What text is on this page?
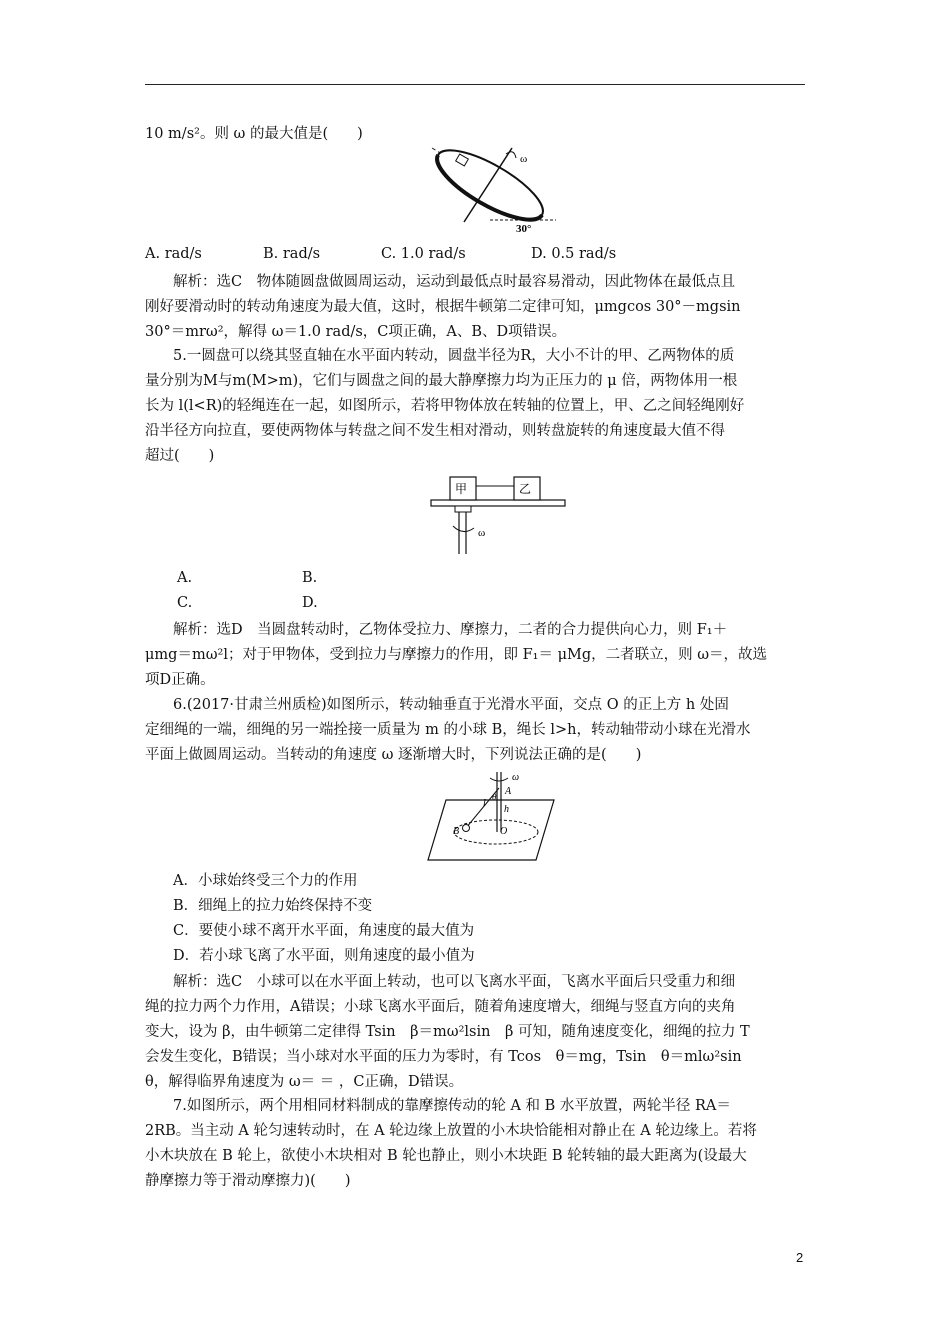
10 m/s²。则 ω 的最大值是(　　)
ω
30°
A. rad/s	B. rad/s	C. 1.0 rad/s	D. 0.5 rad/s
解析：选C　物体随圆盘做圆周运动，运动到最低点时最容易滑动，因此物体在最低点且
刚好要滑动时的转动角速度为最大值，这时，根据牛顿第二定律可知，μmgcos 30°－mgsin
30°＝mrω²，解得 ω＝1.0 rad/s，C项正确，A、B、D项错误。
5.一圆盘可以绕其竖直轴在水平面内转动，圆盘半径为R，大小不计的甲、乙两物体的质
量分别为M与m(M>m)，它们与圆盘之间的最大静摩擦力均为正压力的 μ 倍，两物体用一根
长为 l(l<R)的轻绳连在一起，如图所示，若将甲物体放在转轴的位置上，甲、乙之间轻绳刚好
沿半径方向拉直，要使两物体与转盘之间不发生相对滑动，则转盘旋转的角速度最大值不得
超过(　　)
甲	乙
ω
A.	B.
C.	D.
解析：选D　当圆盘转动时，乙物体受拉力、摩擦力，二者的合力提供向心力，则 F₁＋
μmg＝mω²l；对于甲物体，受到拉力与摩擦力的作用，即 F₁＝ μMg，二者联立，则 ω＝，故选
项D正确。
6.(2017·甘肃兰州质检)如图所示，转动轴垂直于光滑水平面，交点 O 的正上方 h 处固
定细绳的一端，细绳的另一端拴接一质量为 m 的小球 B，绳长 l>h，转动轴带动小球在光滑水
平面上做圆周运动。当转动的角速度 ω 逐渐增大时，下列说法正确的是(　　)
ω
A
B	O
l
h
θ
A．小球始终受三个力的作用
B．细绳上的拉力始终保持不变
C．要使小球不离开水平面，角速度的最大值为
D．若小球飞离了水平面，则角速度的最小值为
解析：选C　小球可以在水平面上转动，也可以飞离水平面，飞离水平面后只受重力和细
绳的拉力两个力作用，A错误；小球飞离水平面后，随着角速度增大，细绳与竖直方向的夹角
变大，设为 β，由牛顿第二定律得 Tsin　β＝mω²lsin　β 可知，随角速度变化，细绳的拉力 T
会发生变化，B错误；当小球对水平面的压力为零时，有 Tcos　θ＝mg，Tsin　θ＝mlω²sin
θ，解得临界角速度为 ω＝ ＝ ，C正确，D错误。
7.如图所示，两个用相同材料制成的靠摩擦传动的轮 A 和 B 水平放置，两轮半径 RA＝
2RB。当主动 A 轮匀速转动时，在 A 轮边缘上放置的小木块恰能相对静止在 A 轮边缘上。若将
小木块放在 B 轮上，欲使小木块相对 B 轮也静止，则小木块距 B 轮转轴的最大距离为(设最大
静摩擦力等于滑动摩擦力)(　　)
2
